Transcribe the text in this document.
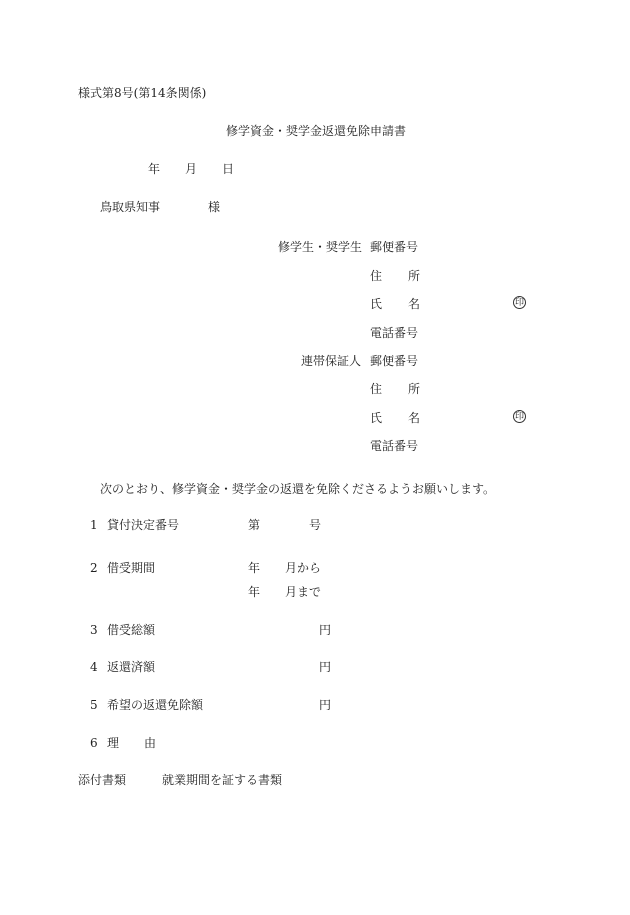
様式第8号(第14条関係)
修学資金・奨学金返還免除申請書
年 月 日
鳥取県知事	様
修学生・奨学生 郵便番号
住 所
氏 名	印
電話番号
連帯保証人 郵便番号
住 所
氏 名	印
電話番号
次のとおり、修学資金・奨学金の返還を免除くださるようお願いします。
1 貸付決定番号	第	号
2 借受期間	年 月から
年 月まで
3 借受総額	円
4 返還済額	円
5 希望の返還免除額	円
6 理 由
添付書類	就業期間を証する書類
